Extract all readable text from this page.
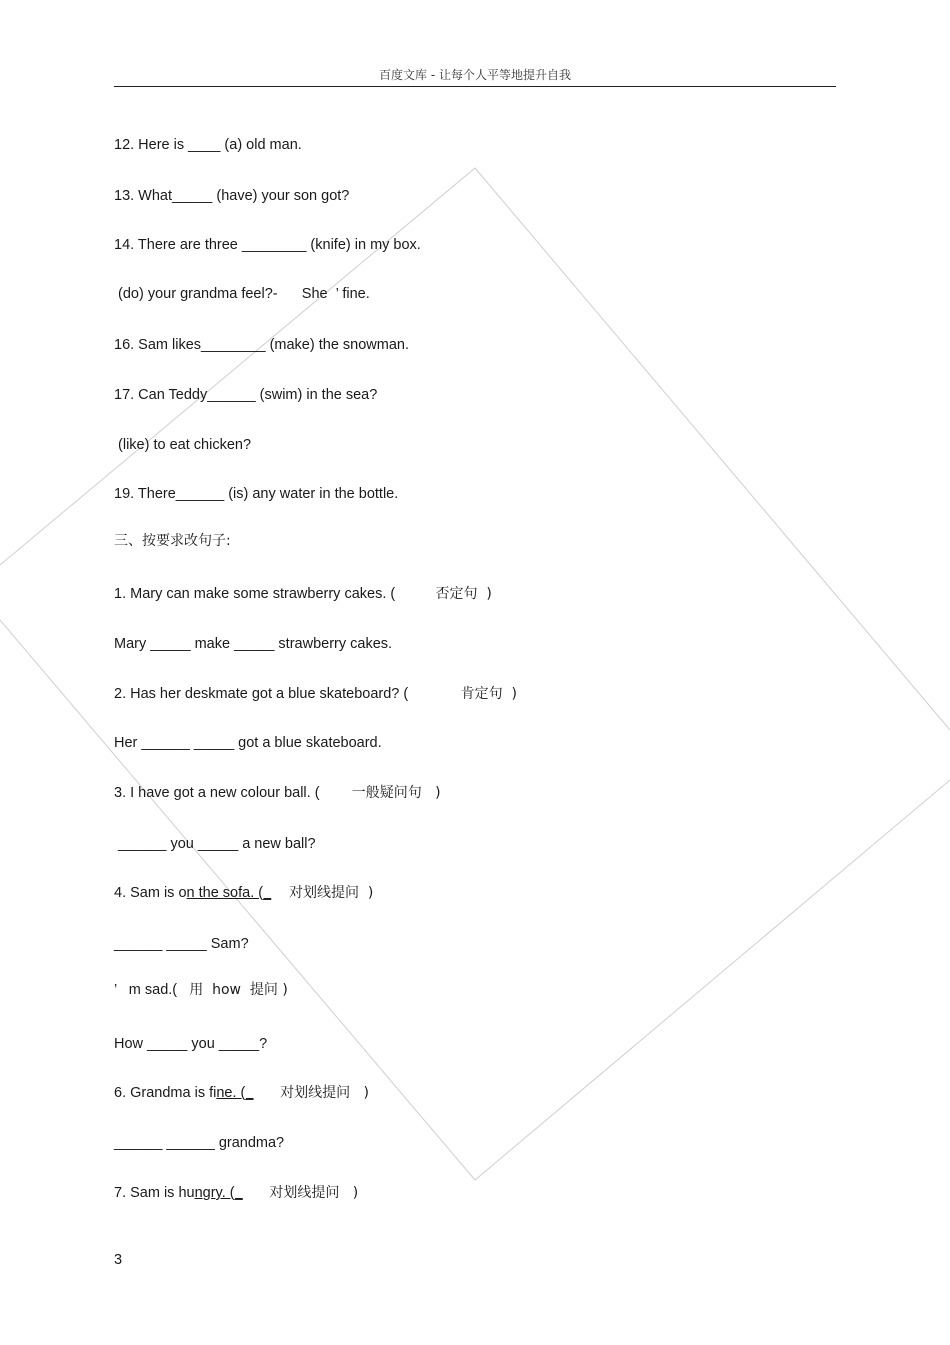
百度文库 - 让每个人平等地提升自我
12. Here is ____ (a) old man.
13. What_____ (have) your son got?
14. There are three ________ (knife) in my box.
(do) your grandma feel?-      She  ’ fine.
16. Sam likes________ (make) the snowman.
17. Can Teddy______ (swim) in the sea?
(like) to eat chicken?
19. There______ (is) any water in the bottle.
三、按要求改句子:
1. Mary can make some strawberry cakes. (          否定句  )
Mary _____ make _____ strawberry cakes.
2. Has her deskmate got a blue skateboard? (             肯定句  )
Her ______ _____ got a blue skateboard.
3. I have got a new colour ball. (        一般疑问句   )
______ you _____ a new ball?
4. Sam is on the sofa. (_    对划线提问  )
______ _____ Sam?
’   m sad.(   用  how  提问 )
How _____ you _____?
6. Grandma is fine. (_      对划线提问   )
______ ______ grandma?
7. Sam is hungry. (_      对划线提问   )
3
